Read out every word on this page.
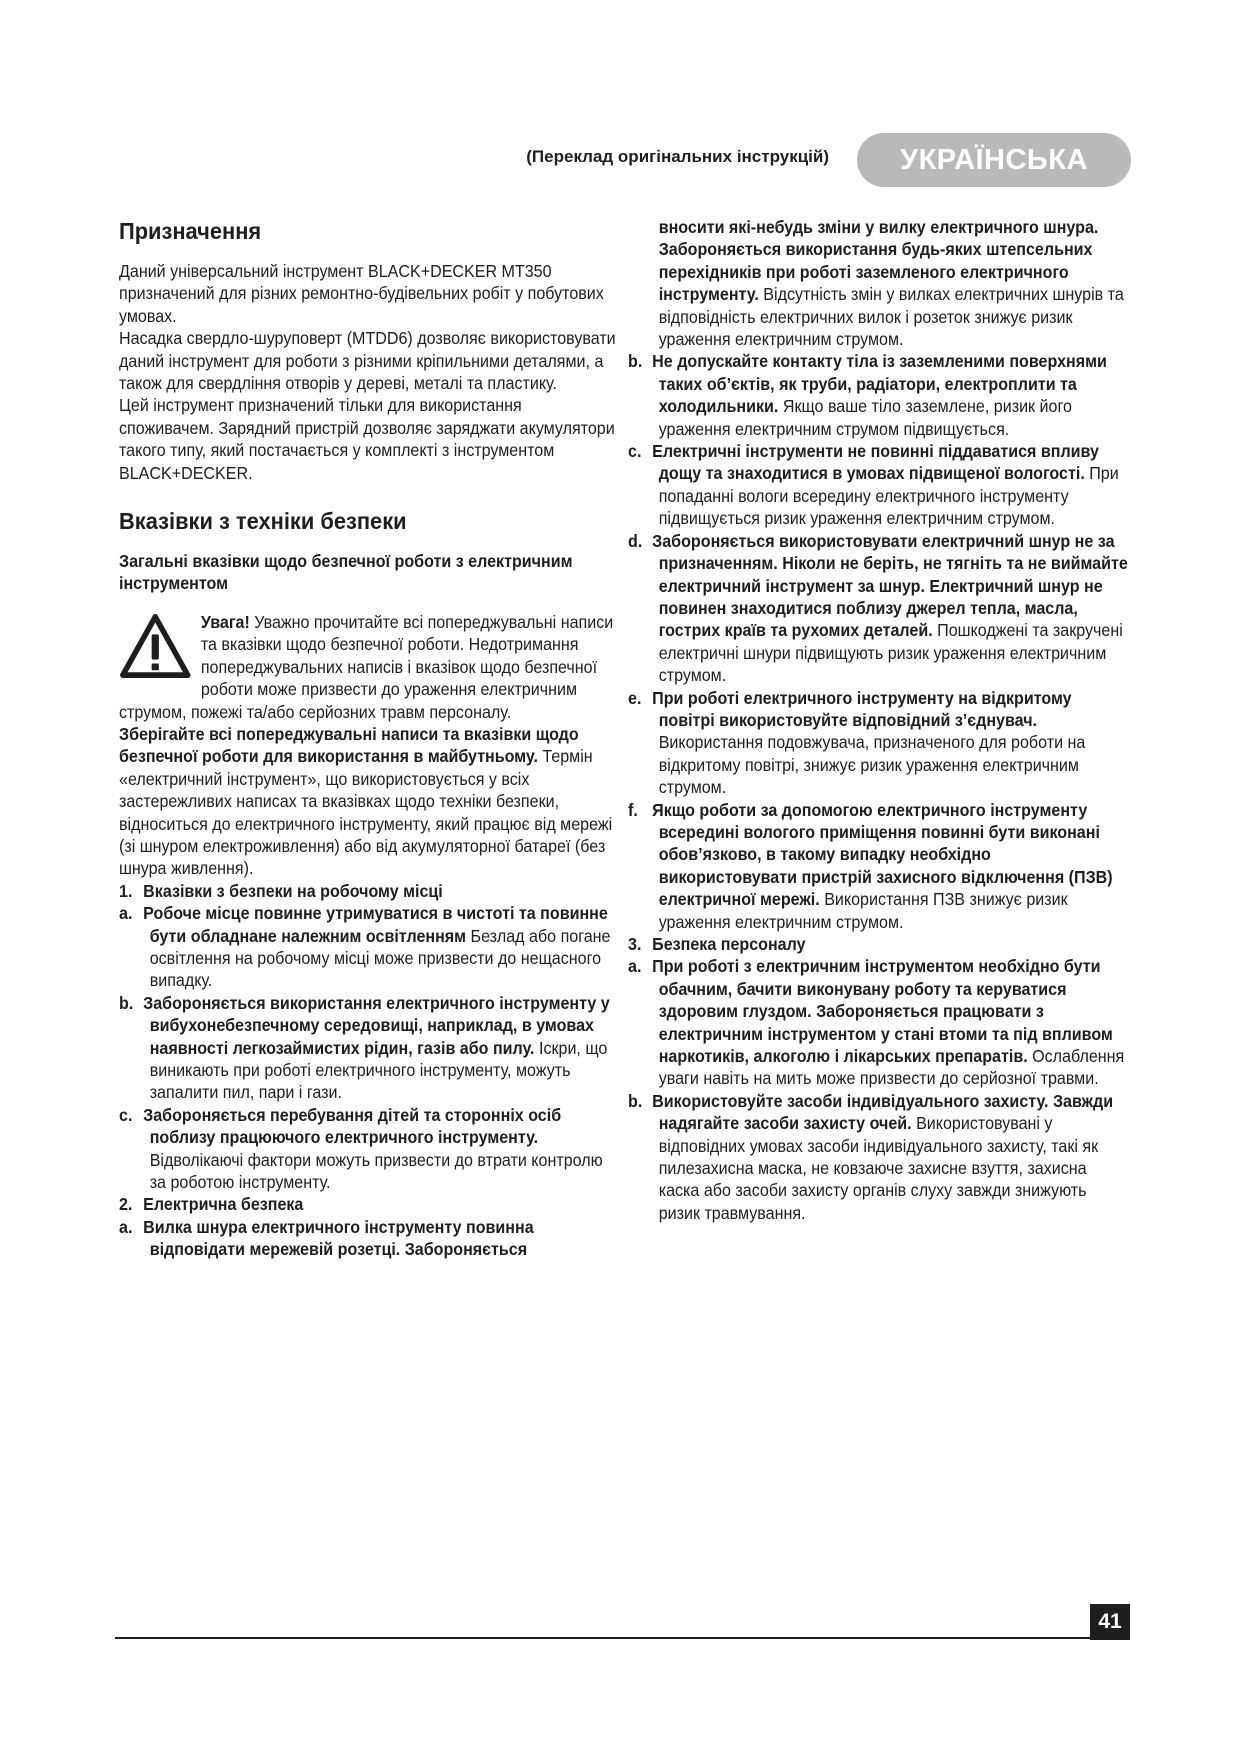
(Переклад оригінальних інструкцій)	УКРАЇНСЬКА
Призначення

Даний універсальний інструмент BLACK+DECKER MT350 призначений для різних ремонтно-будівельних робіт у побутових умовах.

Насадка свердло-шуруповерт (MTDD6) дозволяє використовувати даний інструмент для роботи з різними кріпильними деталями, а також для свердління отворів у дереві, металі та пластику.

Цей інструмент призначений тільки для використання споживачем. Зарядний пристрій дозволяє заряджати акумулятори такого типу, який постачається у комплекті з інструментом BLACK+DECKER.

Вказівки з техніки безпеки
Загальні вказівки щодо безпечної роботи з електричним інструментом

Увага! Уважно прочитайте всі попереджувальні написи та вказівки щодо безпечної роботи. Недотримання попереджувальних написів і вказівок щодо безпечної роботи може призвести до ураження електричним струмом, пожежі та/або серйозних травм персоналу.

Зберігайте всі попереджувальні написи та вказівки щодо безпечної роботи для використання в майбутньому. Термін «електричний інструмент», що використовується у всіх застережливих написах та вказівках щодо техніки безпеки, відноситься до електричного інструменту, який працює від мережі (зі шнуром електроживлення) або від акумуляторної батареї (без шнура живлення).

1. Вказівки з безпеки на робочому місці
a. Робоче місце повинне утримуватися в чистоті та повинне бути обладнане належним освітленням Безлад або погане освітлення на робочому місці може призвести до нещасного випадку.
b. Забороняється використання електричного інструменту у вибухонебезпечному середовищі, наприклад, в умовах наявності легкозаймистих рідин, газів або пилу. Іскри, що виникають при роботі електричного інструменту, можуть запалити пил, пари і гази.
c. Забороняється перебування дітей та сторонніх осіб поблизу працюючого електричного інструменту. Відволікаючі фактори можуть призвести до втрати контролю за роботою інструменту.
2. Електрична безпека
a. Вилка шнура електричного інструменту повинна відповідати мережевій розетці. Забороняється
вносити які-небудь зміни у вилку електричного шнура. Забороняється використання будь-яких штепсельних перехідників при роботі заземленого електричного інструменту. Відсутність змін у вилках електричних шнурів та відповідність електричних вилок і розеток знижує ризик ураження електричним струмом.
b. Не допускайте контакту тіла із заземленими поверхнями таких об’єктів, як труби, радіатори, електроплити та холодильники. Якщо ваше тіло заземлене, ризик його ураження електричним струмом підвищується.
c. Електричні інструменти не повинні піддаватися впливу дощу та знаходитися в умовах підвищеної вологості. При попаданні вологи всередину електричного інструменту підвищується ризик ураження електричним струмом.
d. Забороняється використовувати електричний шнур не за призначенням. Ніколи не беріть, не тягніть та не виймайте електричний інструмент за шнур. Електричний шнур не повинен знаходитися поблизу джерел тепла, масла, гострих країв та рухомих деталей. Пошкоджені та закручені електричні шнури підвищують ризик ураження електричним струмом.
e. При роботі електричного інструменту на відкритому повітрі використовуйте відповідний з’єднувач. Використання подовжувача, призначеного для роботи на відкритому повітрі, знижує ризик ураження електричним струмом.
f. Якщо роботи за допомогою електричного інструменту всередині вологого приміщення повинні бути виконані обов’язково, в такому випадку необхідно використовувати пристрій захисного відключення (ПЗВ) електричної мережі. Використання ПЗВ знижує ризик ураження електричним струмом.
3. Безпека персоналу
a. При роботі з електричним інструментом необхідно бути обачним, бачити виконувану роботу та керуватися здоровим глуздом. Забороняється працювати з електричним інструментом у стані втоми та під впливом наркотиків, алкоголю і лікарських препаратів. Ослаблення уваги навіть на мить може призвести до серйозної травми.
b. Використовуйте засоби індивідуального захисту. Завжди надягайте засоби захисту очей. Використовувані у відповідних умовах засоби індивідуального захисту, такі як пилезахисна маска, не ковзаюче захисне взуття, захисна каска або засоби захисту органів слуху завжди знижують ризик травмування.
41
